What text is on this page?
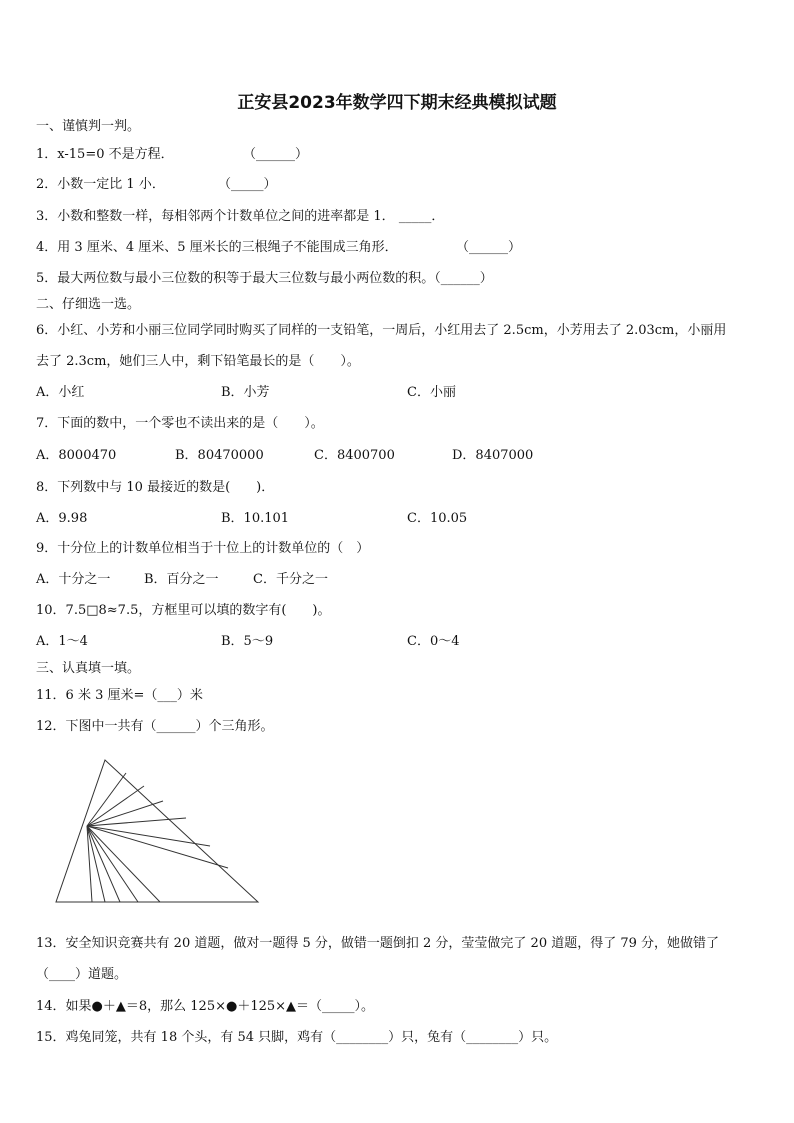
正安县2023年数学四下期末经典模拟试题
一、谨慎判一判。
1．x-15=0 不是方程．	（______）
2．小数一定比 1 小．	（_____）
3．小数和整数一样，每相邻两个计数单位之间的进率都是 1． _____．
4．用 3 厘米、4 厘米、5 厘米长的三根绳子不能围成三角形．	（______）
5．最大两位数与最小三位数的积等于最大三位数与最小两位数的积。（______）
二、仔细选一选。
6．小红、小芳和小丽三位同学同时购买了同样的一支铅笔，一周后，小红用去了 2.5cm，小芳用去了 2.03cm，小丽用
去了 2.3cm，她们三人中，剩下铅笔最长的是（　　）。
A．小红	B．小芳	C．小丽
7．下面的数中，一个零也不读出来的是（　　）。
A．8000470	B．80470000	C．8400700	D．8407000
8．下列数中与 10 最接近的数是(　　)．
A．9.98	B．10.101	C．10.05
9．十分位上的计数单位相当于十位上的计数单位的（　）
A．十分之一	B．百分之一	C．千分之一
10．7.5□8≈7.5，方框里可以填的数字有(　　)。
A．1～4	B．5～9	C．0～4
三、认真填一填。
11．6 米 3 厘米=（___）米
12．下图中一共有（______）个三角形。
13．安全知识竞赛共有 20 道题，做对一题得 5 分，做错一题倒扣 2 分，莹莹做完了 20 道题，得了 79 分，她做错了
（____）道题。
14．如果●＋▲＝8，那么 125×●＋125×▲＝（_____）。
15．鸡兔同笼，共有 18 个头，有 54 只脚，鸡有（________）只，兔有（________）只。
